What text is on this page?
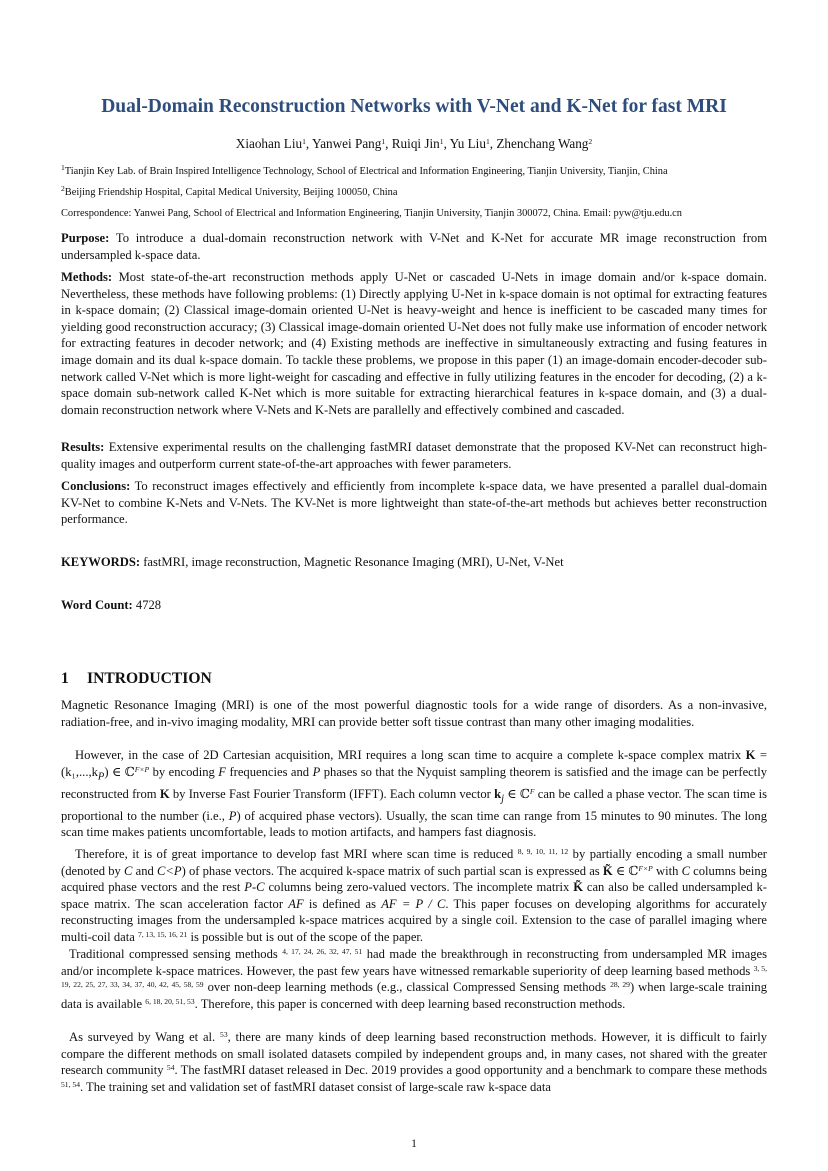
Dual-Domain Reconstruction Networks with V-Net and K-Net for fast MRI

Xiaohan Liu$^1$, Yanwei Pang$^1$, Ruiqi Jin$^1$, Yu Liu$^1$, Zhenchang Wang$^2$

$^1$Tianjin Key Lab. of Brain Inspired Intelligence Technology, School of Electrical and Information Engineering, Tianjin University, Tianjin, China

$^2$Beijing Friendship Hospital, Capital Medical University, Beijing 100050, China

Correspondence: Yanwei Pang, School of Electrical and Information Engineering, Tianjin University, Tianjin 300072, China. Email: pyw@tju.edu.cn

Purpose: To introduce a dual-domain reconstruction network with V-Net and K-Net for accurate MR image reconstruction from undersampled k-space data.

Methods: Most state-of-the-art reconstruction methods apply U-Net or cascaded U-Nets in image domain and/or k-space domain. Nevertheless, these methods have following problems: (1) Directly applying U-Net in k-space domain is not optimal for extracting features in k-space domain; (2) Classical image-domain oriented U-Net is heavy-weight and hence is inefficient to be cascaded many times for yielding good reconstruction accuracy; (3) Classical image-domain oriented U-Net does not fully make use information of encoder network for extracting features in decoder network; and (4) Existing methods are ineffective in simultaneously extracting and fusing features in image domain and its dual k-space domain. To tackle these problems, we propose in this paper (1) an image-domain encoder-decoder sub-network called V-Net which is more light-weight for cascading and effective in fully utilizing features in the encoder for decoding, (2) a k-space domain sub-network called K-Net which is more suitable for extracting hierarchical features in k-space domain, and (3) a dual-domain reconstruction network where V-Nets and K-Nets are parallelly and effectively combined and cascaded.

Results: Extensive experimental results on the challenging fastMRI dataset demonstrate that the proposed KV-Net can reconstruct high-quality images and outperform current state-of-the-art approaches with fewer parameters.

Conclusions: To reconstruct images effectively and efficiently from incomplete k-space data, we have presented a parallel dual-domain KV-Net to combine K-Nets and V-Nets. The KV-Net is more lightweight than state-of-the-art methods but achieves better reconstruction performance.

KEYWORDS: fastMRI, image reconstruction, Magnetic Resonance Imaging (MRI), U-Net, V-Net

Word Count: 4728

1 INTRODUCTION

Magnetic Resonance Imaging (MRI) is one of the most powerful diagnostic tools for a wide range of disorders. As a non-invasive, radiation-free, and in-vivo imaging modality, MRI can provide better soft tissue contrast than many other imaging modalities.

However, in the case of 2D Cartesian acquisition, MRI requires a long scan time to acquire a complete k-space complex matrix $K = (k_1,...,k_P)$ ∈ ℂ$^{F\times P}$ by encoding F frequencies and P phases so that the Nyquist sampling theorem is satisfied and the image can be perfectly reconstructed from K by Inverse Fast Fourier Transform (IFFT). Each column vector $k_j$ ∈ ℂ$^F$ can be called a phase vector. The scan time is proportional to the number (i.e., P) of acquired phase vectors). Usually, the scan time can range from 15 minutes to 90 minutes. The long scan time makes patients uncomfortable, leads to motion artifacts, and hampers fast diagnosis.

Therefore, it is of great importance to develop fast MRI where scan time is reduced $^{8, 9, 10, 11, 12}$ by partially encoding a small number (denoted by C and C<P) of phase vectors. The acquired k-space matrix of such partial scan is expressed as K̃ ∈ ℂ$^{F\times P}$ with C columns being acquired phase vectors and the rest P-C columns being zero-valued vectors. The incomplete matrix K̃ can also be called undersampled k-space matrix. The scan acceleration factor AF is defined as AF = P / C. This paper focuses on developing algorithms for accurately reconstructing images from the undersampled k-space matrices acquired by a single coil. Extension to the case of parallel imaging where multi-coil data $^{7, 13, 15, 16, 21}$ is possible but is out of the scope of the paper.

Traditional compressed sensing methods $^{4, 17, 24, 26, 32, 47, 51}$ had made the breakthrough in reconstructing from undersampled MR images and/or incomplete k-space matrices. However, the past few years have witnessed remarkable superiority of deep learning based methods $^{3, 5, 19, 22, 25, 27, 33, 34, 37, 40, 42, 45, 58, 59}$ over non-deep learning methods (e.g., classical Compressed Sensing methods $^{28, 29}$) when large-scale training data is available $^{6, 18, 20, 51, 53}$. Therefore, this paper is concerned with deep learning based reconstruction methods.

As surveyed by Wang et al. $^{53}$, there are many kinds of deep learning based reconstruction methods. However, it is difficult to fairly compare the different methods on small isolated datasets compiled by independent groups and, in many cases, not shared with the greater research community $^{54}$. The fastMRI dataset released in Dec. 2019 provides a good opportunity and a benchmark to compare these methods $^{51, 54}$. The training set and validation set of fastMRI dataset consist of large-scale raw k-space data

1
